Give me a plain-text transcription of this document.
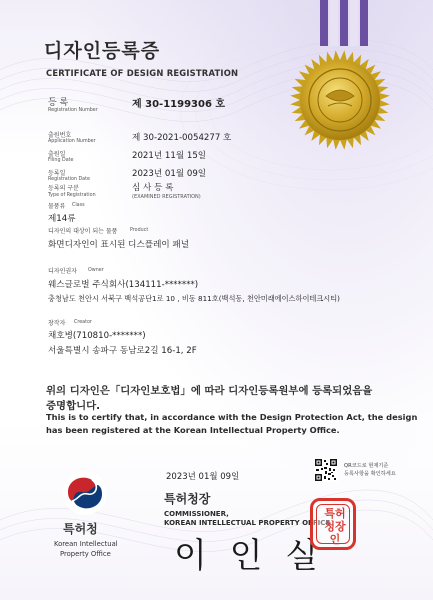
디자인등록증
CERTIFICATE OF DESIGN REGISTRATION
등 록
Registration Number
제 30-1199306 호
출원번호
Application Number	제 30-2021-0054277 호
출원일
Filing Date	2021년 11월 15일
등록일
Registration Date
2023년 01월 09일
등록의 구분
Type of Registration
심 사 등 록
(EXAMINED REGISTRATION)
물품류 Class
제14류
디자인의 대상이 되는 물품	Product
화면디자인이 표시된 디스플레이 패널
디자인권자 Owner
웨스글로벌 주식회사(134111-*******)
충청남도 천안시 서북구 백석공단1로 10 , 비동 811호(백석동, 천안미래에이스하이테크시티)
창작자 Creator
채호병(710810-*******)
서울특별시 송파구 동남로2길 16-1, 2F
위의 디자인은「디자인보호법」에 따라 디자인등록원부에 등록되었음을
증명합니다.
This is to certify that, in accordance with the Design Protection Act, the design
has been registered at the Korean Intellectual Property Office.
2023년 01월 09일
QR코드로 현재기준
등록사항을 확인하세요
특허청
Korean Intellectual
Property Office
특허청장
COMMISSIONER,
KOREAN INTELLECTUAL PROPERTY OFFICE
이 인 실
특허청장인
